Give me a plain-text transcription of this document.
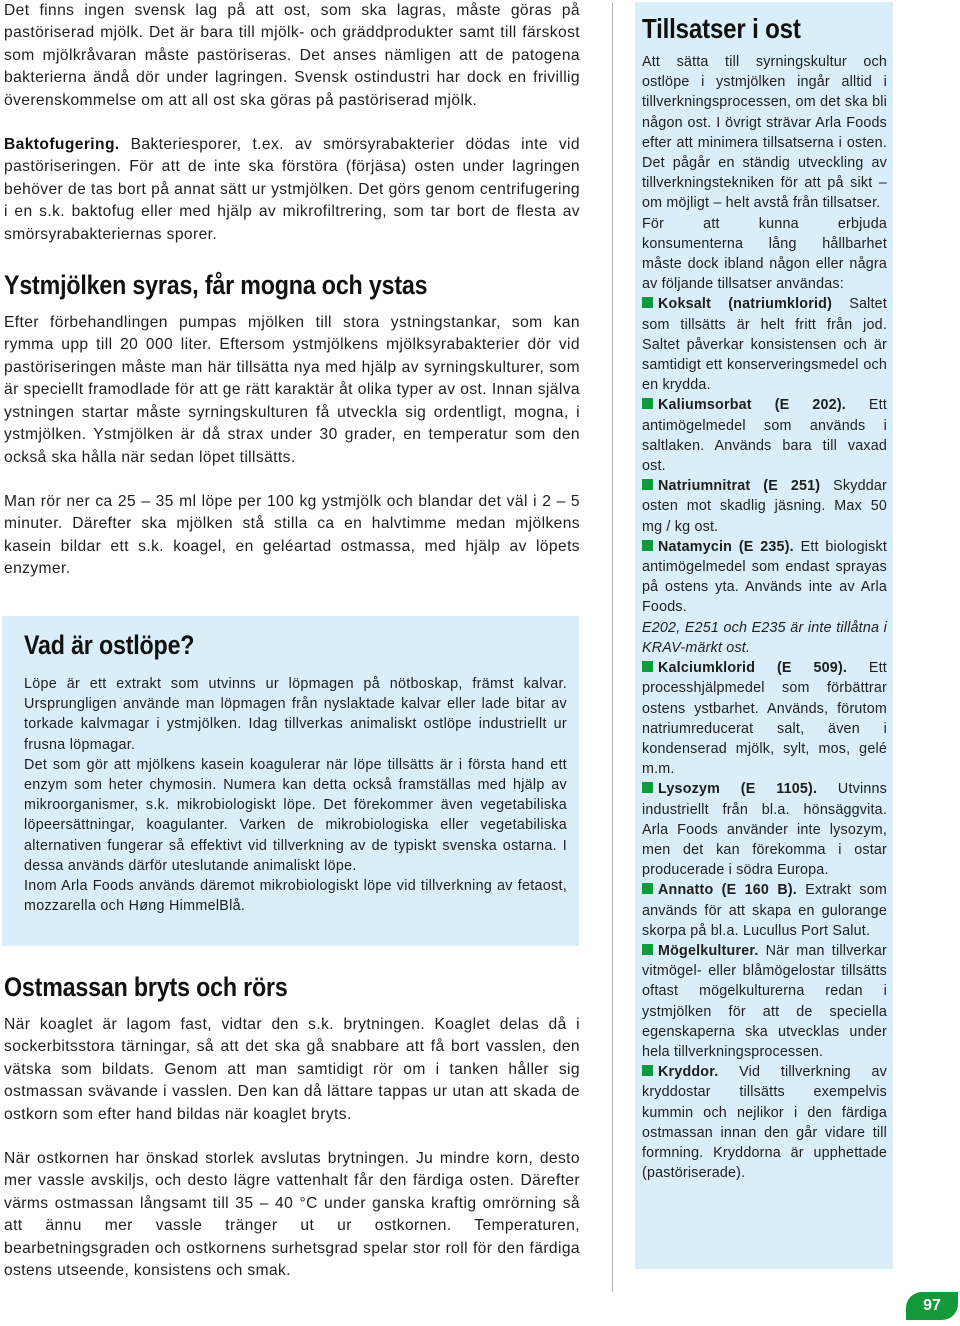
Det finns ingen svensk lag på att ost, som ska lagras, måste göras på pastöriserad mjölk. Det är bara till mjölk- och gräddprodukter samt till färskost som mjölkråvaran måste pastöriseras. Det anses nämligen att de patogena bakterierna ändå dör under lagringen. Svensk ostindustri har dock en frivillig överenskommelse om att all ost ska göras på pastöriserad mjölk.

Baktofugering. Bakteriesporer, t.ex. av smörsyrabakterier dödas inte vid pastöriseringen. För att de inte ska förstöra (förjäsa) osten under lagringen behöver de tas bort på annat sätt ur ystmjölken. Det görs genom centrifugering i en s.k. baktofug eller med hjälp av mikrofiltrering, som tar bort de flesta av smörsyrabakteriernas sporer.

Ystmjölken syras, får mogna och ystas

Efter förbehandlingen pumpas mjölken till stora ystningstankar, som kan rymma upp till 20 000 liter. Eftersom ystmjölkens mjölksyrabakterier dör vid pastöriseringen måste man här tillsätta nya med hjälp av syrningskulturer, som är speciellt framodlade för att ge rätt karaktär åt olika typer av ost. Innan själva ystningen startar måste syrningskulturen få utveckla sig ordentligt, mogna, i ystmjölken. Ystmjölken är då strax under 30 grader, en temperatur som den också ska hålla när sedan löpet tillsätts.

Man rör ner ca 25 – 35 ml löpe per 100 kg ystmjölk och blandar det väl i 2 – 5 minuter. Därefter ska mjölken stå stilla ca en halvtimme medan mjölkens kasein bildar ett s.k. koagel, en geléartad ostmassa, med hjälp av löpets enzymer.

Vad är ostlöpe?

Löpe är ett extrakt som utvinns ur löpmagen på nötboskap, främst kalvar. Ursprungligen använde man löpmagen från nyslaktade kalvar eller lade bitar av torkade kalvmagar i ystmjölken. Idag tillverkas animaliskt ostlöpe industriellt ur frusna löpmagar.

Det som gör att mjölkens kasein koagulerar när löpe tillsätts är i första hand ett enzym som heter chymosin. Numera kan detta också framställas med hjälp av mikroorganismer, s.k. mikrobiologiskt löpe. Det förekommer även vegetabiliska löpeersättningar, koagulanter. Varken de mikrobiologiska eller vegetabiliska alternativen fungerar så effektivt vid tillverkning av de typiskt svenska ostarna. I dessa används därför uteslutande animaliskt löpe.

Inom Arla Foods används däremot mikrobiologiskt löpe vid tillverkning av fetaost, mozzarella och Høng HimmelBlå.

Ostmassan bryts och rörs

När koaglet är lagom fast, vidtar den s.k. brytningen. Koaglet delas då i sockerbitsstora tärningar, så att det ska gå snabbare att få bort vasslen, den vätska som bildats. Genom att man samtidigt rör om i tanken håller sig ostmassan svävande i vasslen. Den kan då lättare tappas ur utan att skada de ostkorn som efter hand bildas när koaglet bryts.

När ostkornen har önskad storlek avslutas brytningen. Ju mindre korn, desto mer vassle avskiljs, och desto lägre vattenhalt får den färdiga osten. Därefter värms ostmassan långsamt till 35 – 40 °C under ganska kraftig omrörning så att ännu mer vassle tränger ut ur ostkornen. Temperaturen, bearbetningsgraden och ostkornens surhetsgrad spelar stor roll för den färdiga ostens utseende, konsistens och smak.

Tillsatser i ost

Att sätta till syrningskultur och ostlöpe i ystmjölken ingår alltid i tillverkningsprocessen, om det ska bli någon ost. I övrigt strävar Arla Foods efter att minimera tillsatserna i osten. Det pågår en ständig utveckling av tillverkningstekniken för att på sikt – om möjligt – helt avstå från tillsatser.

För att kunna erbjuda konsumenterna lång hållbarhet måste dock ibland någon eller några av följande tillsatser användas:

Koksalt (natriumklorid) Saltet som tillsätts är helt fritt från jod. Saltet påverkar konsistensen och är samtidigt ett konserveringsmedel och en krydda.

Kaliumsorbat (E 202). Ett antimögelmedel som används i saltlaken. Används bara till vaxad ost.

Natriumnitrat (E 251) Skyddar osten mot skadlig jäsning. Max 50 mg / kg ost.

Natamycin (E 235). Ett biologiskt antimögelmedel som endast sprayas på ostens yta. Används inte av Arla Foods.

E202, E251 och E235 är inte tillåtna i KRAV-märkt ost.

Kalciumklorid (E 509). Ett processhjälpmedel som förbättrar ostens ystbarhet. Används, förutom natriumreducerat salt, även i kondenserad mjölk, sylt, mos, gelé m.m.

Lysozym (E 1105). Utvinns industriellt från bl.a. hönsäggvita. Arla Foods använder inte lysozym, men det kan förekomma i ostar producerade i södra Europa.

Annatto (E 160 B). Extrakt som används för att skapa en gulorange skorpa på bl.a. Lucullus Port Salut.

Mögelkulturer. När man tillverkar vitmögel- eller blåmögelostar tillsätts oftast mögelkulturerna redan i ystmjölken för att de speciella egenskaperna ska utvecklas under hela tillverkningsprocessen.

Kryddor. Vid tillverkning av kryddostar tillsätts exempelvis kummin och nejlikor i den färdiga ostmassan innan den går vidare till formning. Kryddorna är upphettade (pastöriserade).

97
